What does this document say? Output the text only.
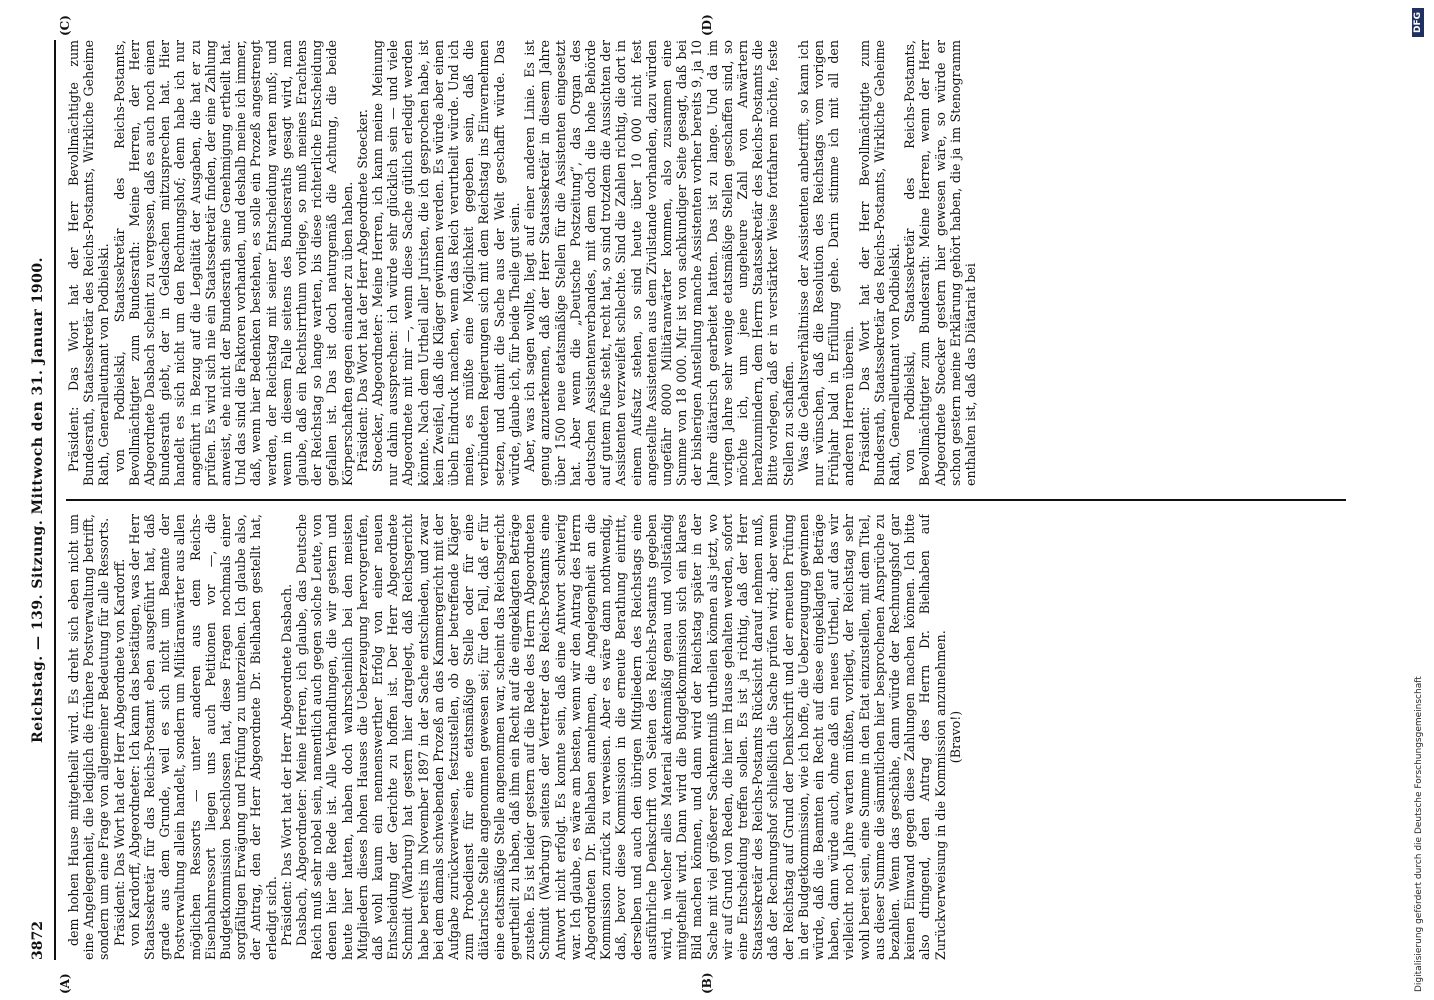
3872
Reichstag. — 139. Sitzung. Mittwoch den 31. Januar 1900.
(A)	(B)
(C)	(D)

dem hohen Hause mitgetheilt wird. Es dreht sich eben nicht um eine Angelegenheit, die lediglich die frühere Postverwaltung betrifft, sondern um eine Frage von allgemeiner Bedeutung für alle Ressorts. Präsident: Das Wort hat der Herr Abgeordnete von Kardorff. von Kardorff, Abgeordneter: Ich kann das bestätigen, was der Herr Staatssekretär für das Reichs-Postamt eben ausgeführt hat, daß grade aus dem Grunde, weil es sich nicht um Beamte der Postverwaltung allein handelt, sondern um Militäranwärter aus allen möglichen Ressorts — unter anderen aus dem Reichs-Eisenbahnressort liegen uns auch Petitionen vor —, die Budgetkommission beschlossen hat, diese Fragen nochmals einer sorgfältigen Erwägung und Prüfung zu unterziehen. Ich glaube also, der Antrag, den der Herr Abgeordnete Dr. Bielhaben gestellt hat, erledigt sich. Präsident: Das Wort hat der Herr Abgeordnete Dasbach. Dasbach, Abgeordneter: Meine Herren, ich glaube, das Deutsche Reich muß sehr nobel sein, namentlich auch gegen solche Leute, von denen hier die Rede ist. Alle Verhandlungen, die wir gestern und heute hier hatten, haben doch wahrscheinlich bei den meisten Mitgliedern dieses hohen Hauses die Ueberzeugung hervorgerufen, daß wohl kaum ein nennenswerther Erfolg von einer neuen Entscheidung der Gerichte zu hoffen ist. Der Herr Abgeordnete Schmidt (Warburg) hat gestern hier dargelegt, daß Reichsgericht habe bereits im November 1897 in der Sache entschieden, und zwar bei dem damals schwebenden Prozeß an das Kammergericht mit der Aufgabe zurückverwiesen, festzustellen, ob der betreffende Kläger zum Probedienst für eine etatsmäßige Stelle oder für eine diätarische Stelle angenommen gewesen sei; für den Fall, daß er für eine etatsmäßige Stelle angenommen war, scheint das Reichsgericht geurtheilt zu haben, daß ihm ein Recht auf die eingeklagten Beträge zustehe. Es ist leider gestern auf die Rede des Herrn Abgeordneten Schmidt (Warburg) seitens der Vertreter des Reichs-Postamts eine Antwort nicht erfolgt. Es konnte sein, daß eine Antwort schwierig war. Ich glaube, es wäre am besten, wenn wir den Antrag des Herrn Abgeordneten Dr. Bielhaben annehmen, die Angelegenheit an die Kommission zurück zu verweisen. Aber es wäre dann nothwendig, daß, bevor diese Kommission in die erneute Berathung eintritt, derselben und auch den übrigen Mitgliedern des Reichstags eine ausführliche Denkschrift von Seiten des Reichs-Postamts gegeben wird, in welcher alles Material aktenmäßig genau und vollständig mitgetheilt wird. Dann wird die Budgetkommission sich ein klares Bild machen können, und dann wird der Reichstag später in der Sache mit viel größerer Sachkenntniß urtheilen können als jetzt, wo wir auf Grund von Reden, die hier im Hause gehalten werden, sofort eine Entscheidung treffen sollen. Es ist ja richtig, daß der Herr Staatssekretär des Reichs-Postamts Rücksicht darauf nehmen muß, daß der Rechnungshof schließlich die Sache prüfen wird; aber wenn der Reichstag auf Grund der Denkschrift und der erneuten Prüfung in der Budgetkommission, wie ich hoffe, die Ueberzeugung gewinnen würde, daß die Beamten ein Recht auf diese eingeklagten Beträge haben, dann würde auch, ohne daß ein neues Urtheil, auf das wir vielleicht noch Jahre warten müßten, vorliegt, der Reichstag sehr wohl bereit sein, eine Summe in den Etat einzustellen, mit dem Titel, aus dieser Summe die sämmtlichen hier besprochenen Ansprüche zu bezahlen. Wenn das geschähe, dann würde der Rechnungshof gar keinen Einwand gegen diese Zahlungen machen können. Ich bitte also dringend, den Antrag des Herrn Dr. Bielhaben auf Zurückverweisung in die Kommission anzunehmen. (Bravo!)

Präsident: Das Wort hat der Herr Bevollmächtigte zum Bundesrath, Staatssekretär des Reichs-Postamts, Wirkliche Geheime Rath, Generalleutnant von Podbielski. von Podbielski, Staatssekretär des Reichs-Postamts, Bevollmächtigter zum Bundesrath: Meine Herren, der Herr Abgeordnete Dasbach scheint zu vergessen, daß es auch noch einen Bundesrath giebt, der in Geldsachen mitzusprechen hat. Hier handelt es sich nicht um den Rechnungshof; denn habe ich nur angeführt in Bezug auf die Legalität der Ausgaben, die hat er zu prüfen. Es wird sich nie ein Staatssekretär finden, der eine Zahlung anweist, ehe nicht der Bundesrath seine Genehmigung ertheilt hat. Und das sind die Faktoren vorhanden, und deshalb meine ich immer, daß, wenn hier Bedenken bestehen, es solle ein Prozeß angestrengt werden, der Reichstag mit seiner Entscheidung warten muß; und wenn in diesem Falle seitens des Bundesraths gesagt wird, man glaube, daß ein Rechtsirrthum vorliege, so muß meines Erachtens der Reichstag so lange warten, bis diese richterliche Entscheidung gefallen ist. Das ist doch naturgemäß die Achtung, die beide Körperschaften gegen einander zu üben haben. Präsident: Das Wort hat der Herr Abgeordnete Stoecker. Stoecker, Abgeordneter: Meine Herren, ich kann meine Meinung nur dahin aussprechen: ich würde sehr glücklich sein — und viele Abgeordnete mit mir —, wenn diese Sache gütlich erledigt werden könnte. Nach dem Urtheil aller Juristen, die ich gesprochen habe, ist kein Zweifel, daß die Kläger gewinnen werden. Es würde aber einen übeln Eindruck machen, wenn das Reich verurtheilt würde. Und ich meine, es müßte eine Möglichkeit gegeben sein, daß die verbündeten Regierungen sich mit dem Reichstag ins Einvernehmen setzen, und damit die Sache aus der Welt geschafft würde. Das würde, glaube ich, für beide Theile gut sein. Aber, was ich sagen wollte, liegt auf einer anderen Linie. Es ist genug anzuerkennen, daß der Herr Staatssekretär in diesem Jahre über 1500 neue etatsmäßige Stellen für die Assistenten eingesetzt hat. Aber wenn die „Deutsche Postzeitung“, das Organ des deutschen Assistentenverbandes, mit dem doch die hohe Behörde auf gutem Fuße steht, recht hat, so sind trotzdem die Aussichten der Assistenten verzweifelt schlechte. Sind die Zahlen richtig, die dort in einem Aufsatz stehen, so sind heute über 10 000 nicht fest angestellte Assistenten aus dem Zivilstande vorhanden, dazu würden ungefähr 8000 Militäranwärter kommen, also zusammen eine Summe von 18 000. Mir ist von sachkundiger Seite gesagt, daß bei der bisherigen Anstellung manche Assistenten vorher bereits 9, ja 10 Jahre diätarisch gearbeitet hatten. Das ist zu lange. Und da im vorigen Jahre sehr wenige etatsmäßige Stellen geschaffen sind, so möchte ich, um jene ungeheure Zahl von Anwärtern herabzumindern, dem Herrn Staatssekretär des Reichs-Postamts die Bitte vorlegen, daß er in verstärkter Weise fortfahren möchte, feste Stellen zu schaffen. Was die Gehaltsverhältnisse der Assistenten anbetrifft, so kann ich nur wünschen, daß die Resolution des Reichstags vom vorigen Frühjahr bald in Erfüllung gehe. Darin stimme ich mit all den anderen Herren überein. Präsident: Das Wort hat der Herr Bevollmächtigte zum Bundesrath, Staatssekretär des Reichs-Postamts, Wirkliche Geheime Rath, Generalleutnant von Podbielski. von Podbielski, Staatssekretär des Reichs-Postamts, Bevollmächtigter zum Bundesrath: Meine Herren, wenn der Herr Abgeordnete Stoecker gestern hier gewesen wäre, so würde er schon gestern meine Erklärung gehört haben, die ja im Stenogramm enthalten ist, daß das Diätariat bei

Digitalisierung gefördert durch die Deutsche Forschungsgemeinschaft
DFG
